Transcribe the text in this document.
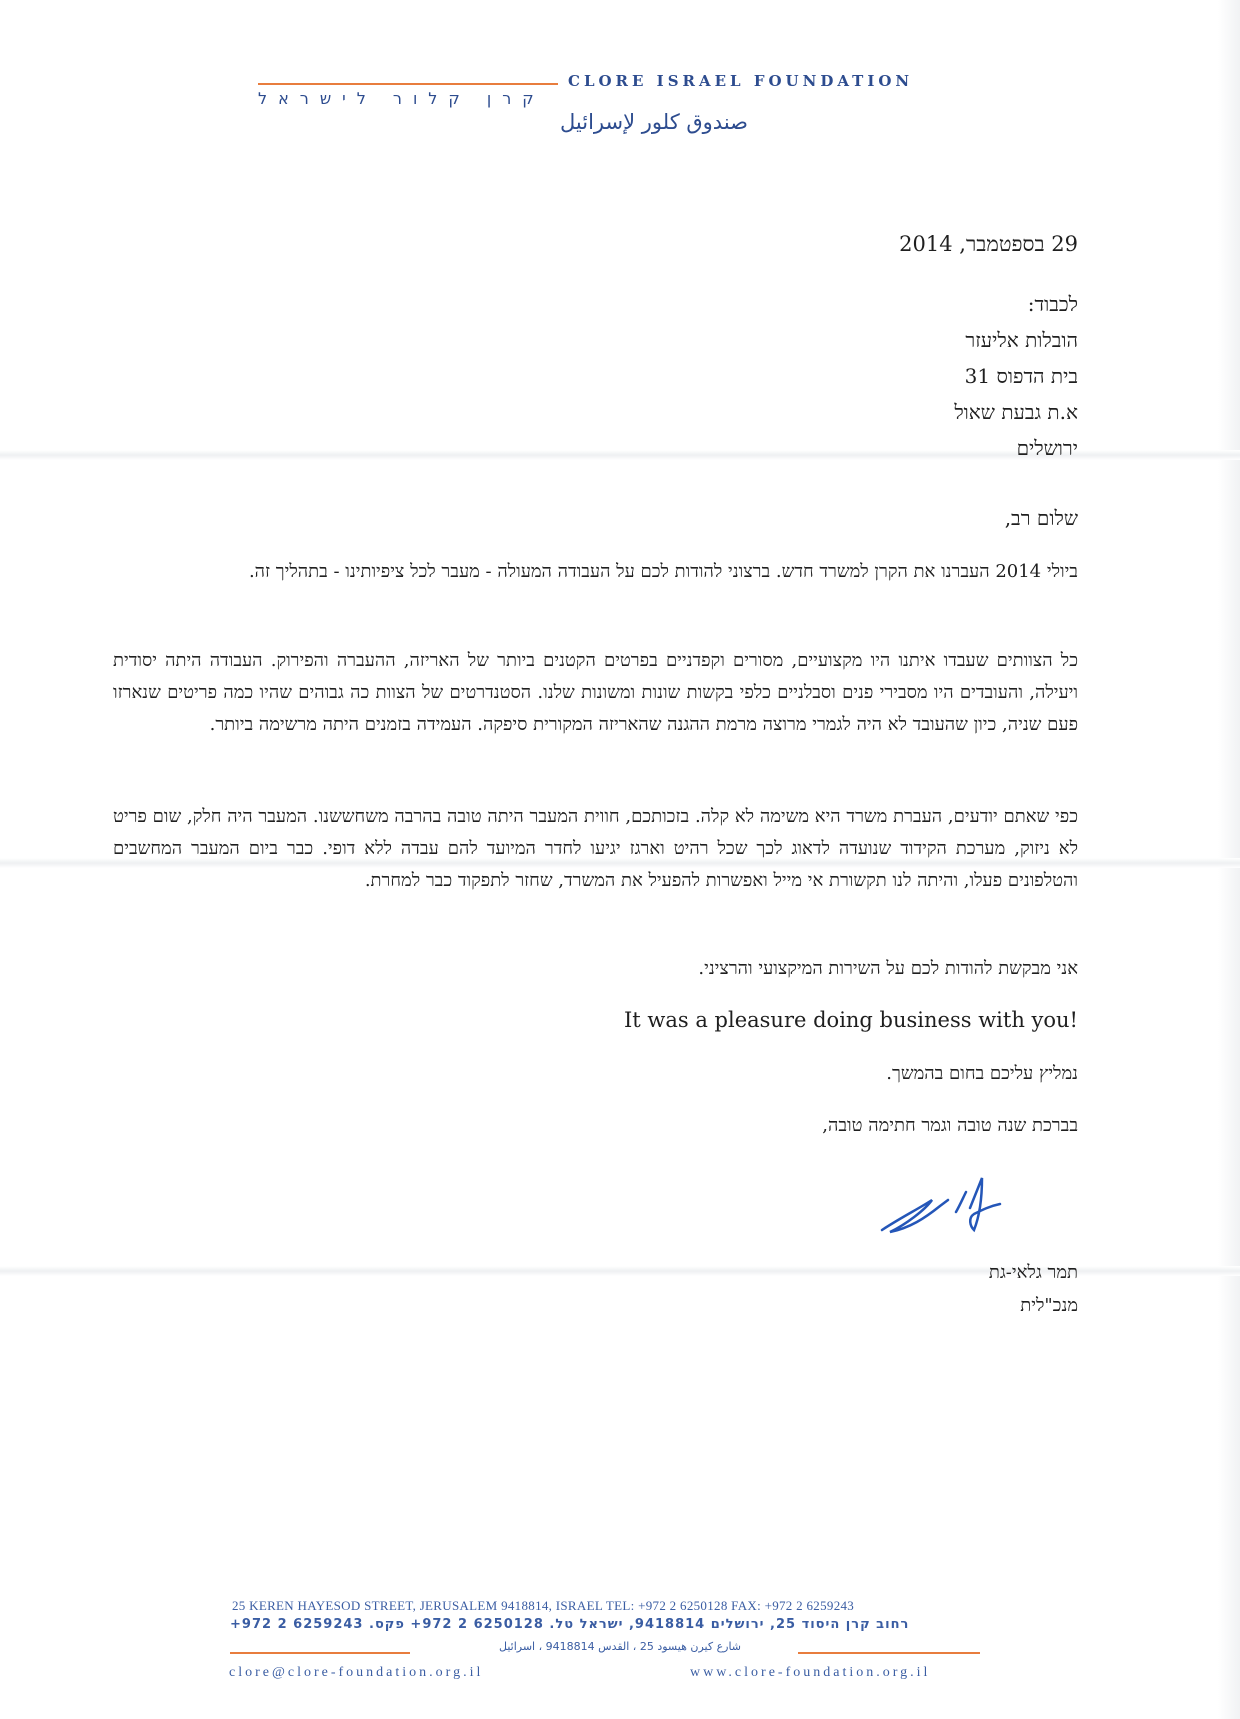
CLORE ISRAEL FOUNDATION
קרן קלור לישראל
صندوق كلور لإسرائيل
29 בספטמבר, 2014
לכבוד:
הובלות אליעזר
בית הדפוס 31
א.ת גבעת שאול
ירושלים
שלום רב,
ביולי 2014 העברנו את הקרן למשרד חדש. ברצוני להודות לכם על העבודה המעולה - מעבר לכל ציפיותינו - בתהליך זה.
כל הצוותים שעבדו איתנו היו מקצועיים, מסורים וקפדניים בפרטים הקטנים ביותר של האריזה, ההעברה והפירוק. העבודה היתה יסודית ויעילה, והעובדים היו מסבירי פנים וסבלניים כלפי בקשות שונות ומשונות שלנו. הסטנדרטים של הצוות כה גבוהים שהיו כמה פריטים שנארזו פעם שניה, כיון שהעובד לא היה לגמרי מרוצה מרמת ההגנה שהאריזה המקורית סיפקה. העמידה בזמנים היתה מרשימה ביותר.
כפי שאתם יודעים, העברת משרד היא משימה לא קלה. בזכותכם, חווית המעבר היתה טובה בהרבה משחששנו. המעבר היה חלק, שום פריט לא ניזוק, מערכת הקידוד שנועדה לדאוג לכך שכל רהיט וארגז יגיעו לחדר המיועד להם עבדה ללא דופי. כבר ביום המעבר המחשבים והטלפונים פעלו, והיתה לנו תקשורת אי מייל ואפשרות להפעיל את המשרד, שחזר לתפקוד כבר למחרת.
אני מבקשת להודות לכם על השירות המיקצועי והרציני.
It was a pleasure doing business with you!
נמליץ עליכם בחום בהמשך.
בברכת שנה טובה וגמר חתימה טובה,
תמר גלאי-גת
מנכ"לית
25 KEREN HAYESOD STREET, JERUSALEM 9418814, ISRAEL TEL: +972 2 6250128 FAX: +972 2 6259243
רחוב קרן היסוד 25, ירושלים 9418814, ישראל טל. 6250128 2 972+ פקס. 6259243 2 972+
شارع كيرن هيسود 25 ، القدس 9418814 ، اسرائيل
clore@clore-foundation.org.il	www.clore-foundation.org.il
